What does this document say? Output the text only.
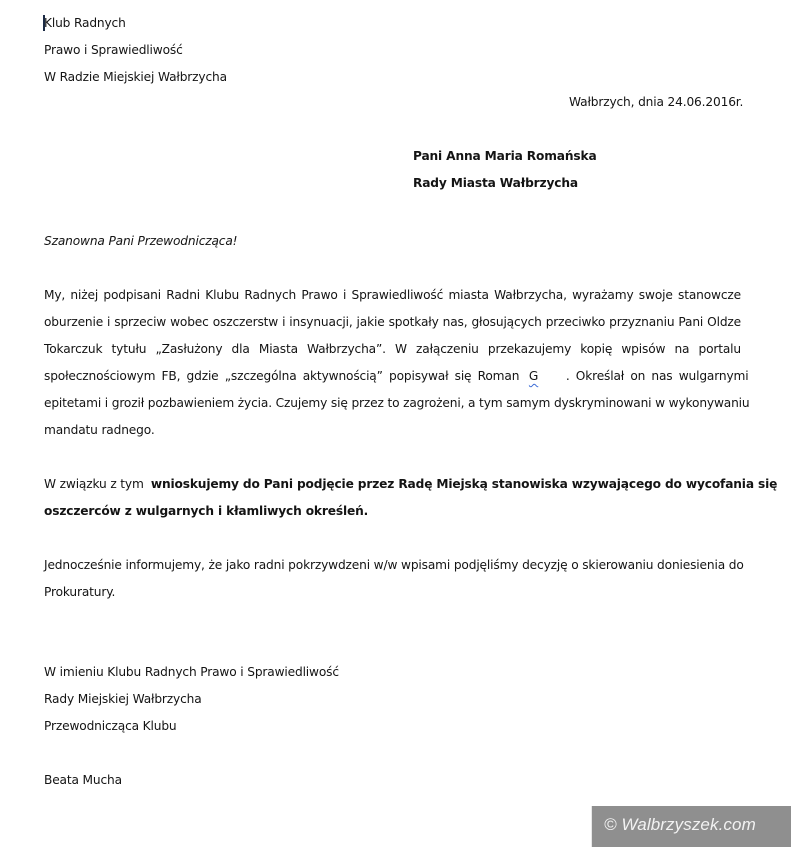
Klub Radnych
Prawo i Sprawiedliwość
W Radzie Miejskiej Wałbrzycha
Wałbrzych, dnia 24.06.2016r.
Pani Anna Maria Romańska
Rady Miasta Wałbrzycha
Szanowna Pani Przewodnicząca!
My, niżej podpisani Radni Klubu Radnych Prawo i Sprawiedliwość miasta Wałbrzycha, wyrażamy swoje stanowcze
oburzenie i sprzeciw wobec oszczerstw i insynuacji, jakie spotkały nas, głosujących przeciwko przyznaniu Pani Oldze
Tokarczuk tytułu „Zasłużony dla Miasta Wałbrzycha”. W załączeniu przekazujemy kopię wpisów na portalu
społecznościowym FB, gdzie „szczególna aktywnością” popisywał się Roman G . Określał on nas wulgarnymi
epitetami i groził pozbawieniem życia. Czujemy się przez to zagrożeni, a tym samym dyskryminowani w wykonywaniu
mandatu radnego.
W związku z tym wnioskujemy do Pani podjęcie przez Radę Miejską stanowiska wzywającego do wycofania się
oszczerców z wulgarnych i kłamliwych określeń.
Jednocześnie informujemy, że jako radni pokrzywdzeni w/w wpisami podjęliśmy decyzję o skierowaniu doniesienia do
Prokuratury.
W imieniu Klubu Radnych Prawo i Sprawiedliwość
Rady Miejskiej Wałbrzycha
Przewodnicząca Klubu
Beata Mucha
© Walbrzyszek.com
